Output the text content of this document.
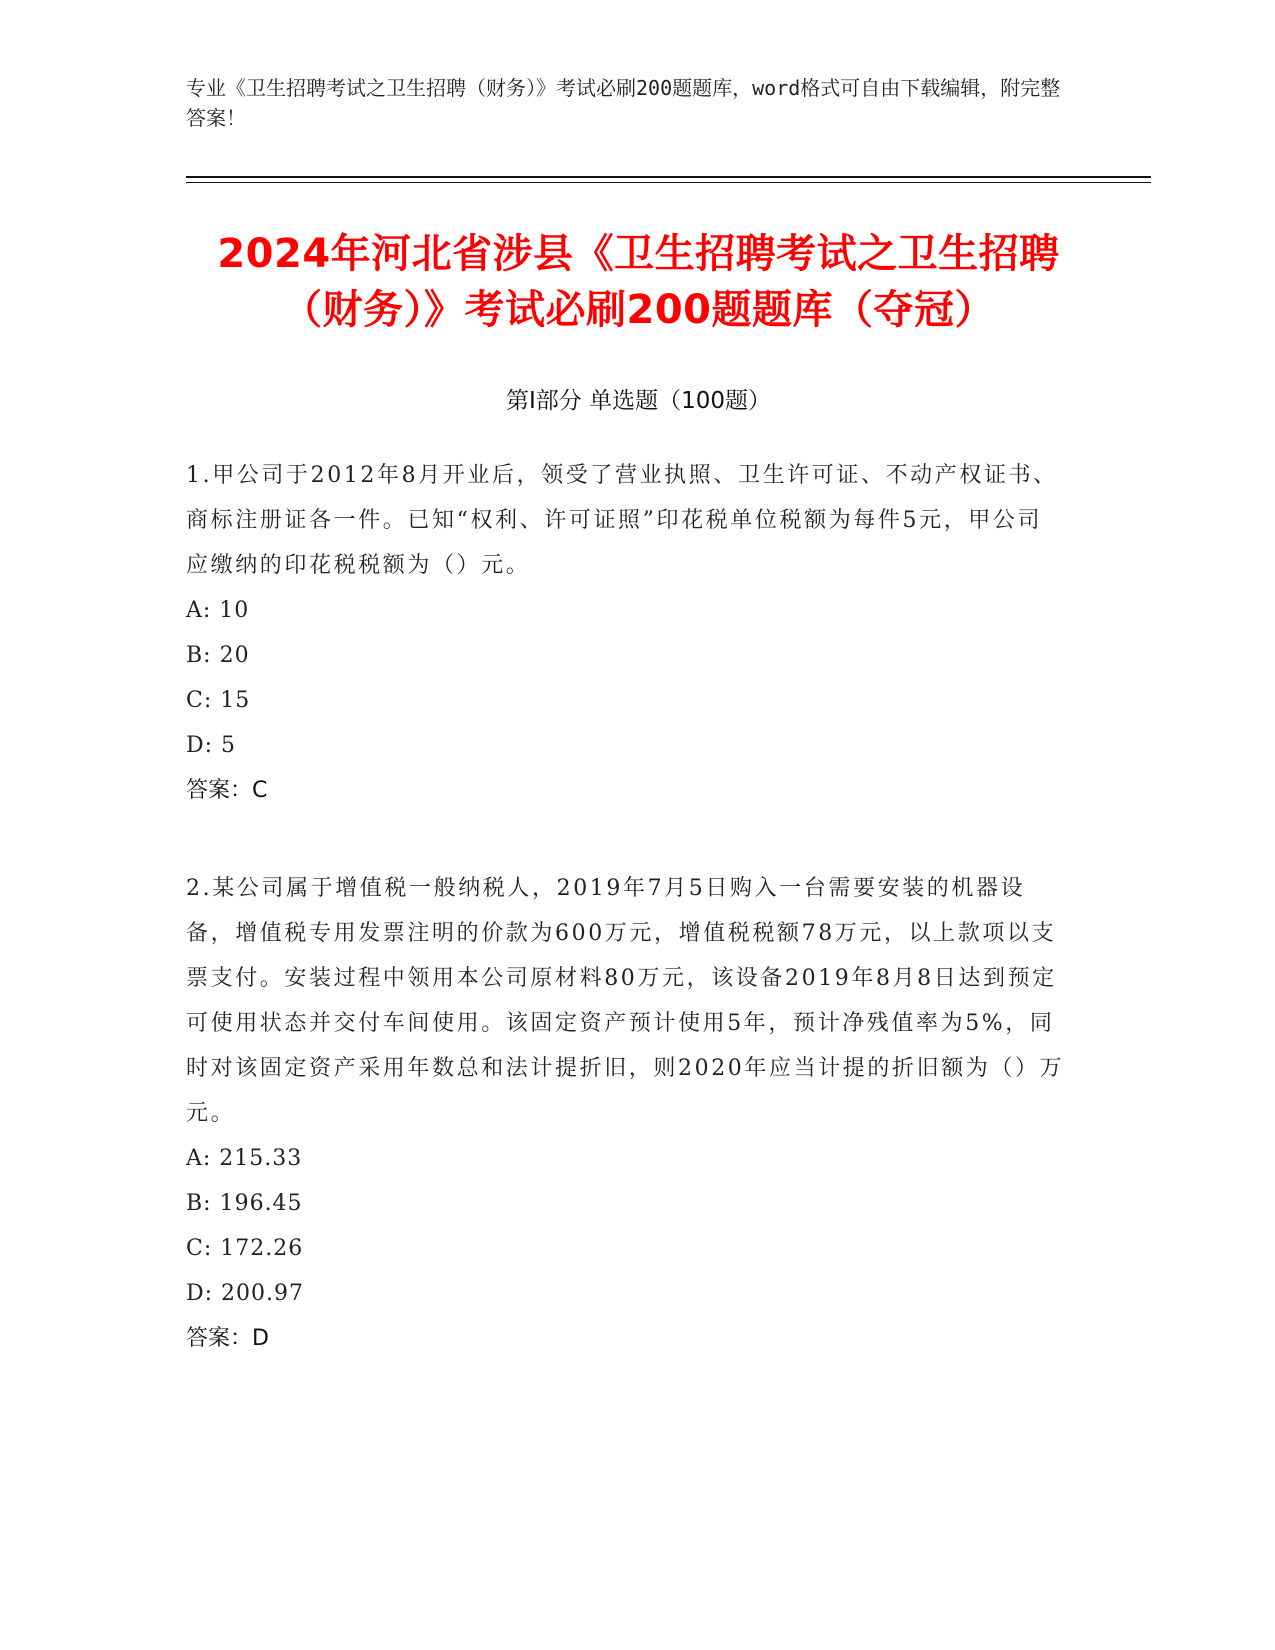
专业《卫生招聘考试之卫生招聘（财务）》考试必刷200题题库，word格式可自由下载编辑，附完整答案！
2024年河北省涉县《卫生招聘考试之卫生招聘（财务）》考试必刷200题题库（夺冠）
第Ⅰ部分 单选题（100题）

1.甲公司于2012年8月开业后，领受了营业执照、卫生许可证、不动产权证书、商标注册证各一件。已知“权利、许可证照”印花税单位税额为每件5元，甲公司应缴纳的印花税税额为（）元。

A: 10

B: 20

C: 15

D: 5

答案：C

2.某公司属于增值税一般纳税人，2019年7月5日购入一台需要安装的机器设备，增值税专用发票注明的价款为600万元，增值税税额78万元，以上款项以支票支付。安装过程中领用本公司原材料80万元，该设备2019年8月8日达到预定可使用状态并交付车间使用。该固定资产预计使用5年，预计净残值率为5%，同时对该固定资产采用年数总和法计提折旧，则2020年应当计提的折旧额为（）万元。

A: 215.33

B: 196.45

C: 172.26

D: 200.97

答案：D
